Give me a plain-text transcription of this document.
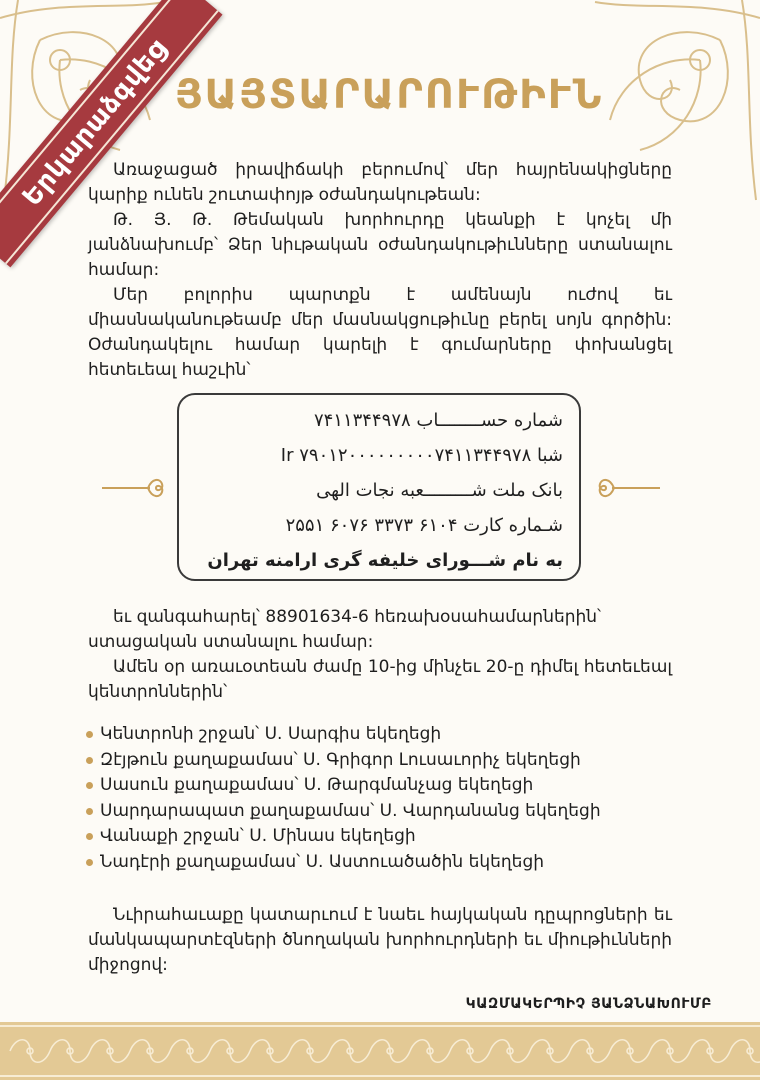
Երկարաձգվեց ՅԱՅՏԱՐԱՐՈՒԹԻՒՆ

Առաջացած իրավիճակի բերումով՝ մեր հայրենակիցները կարիք ունեն շուտափոյթ օժանդակութեան:

Թ. Յ. Թ. Թեմական խորհուրդը կեանքի է կոչել մի յանձնախումբ՝ Ձեր նիւթական օժանդակութիւնները ստանալու համար:

Մեր բոլորիս պարտքն է ամենայն ուժով եւ միասնականութեամբ մեր մասնակցութիւնը բերել սոյն գործին: Օժանդակելու համար կարելի է գումարները փոխանցել հետեւեալ հաշւին՝

شماره حســــــــاب ۷۴۱۱۳۴۴۹۷۸
شبا Ir ۷۹۰۱۲۰۰۰۰۰۰۰۰۰۷۴۱۱۳۴۴۹۷۸
بانک ملت شـــــــــعبه نجات الهی
شـماره کارت ۶۱۰۴ ۳۳۷۳ ۶۰۷۶ ۲۵۵۱
به نام شـــورای خلیفه گری ارامنه تهران

եւ զանգահարել՝ 88901634-6 հեռախօսահամարներին՝

ստացական ստանալու համար:

Ամեն օր առաւօտեան ժամը 10-ից մինչեւ 20-ը դիմել հետեւեալ կենտրոններին՝

Կենտրոնի շրջան՝ Ս. Սարգիս եկեղեցի
Զէյթուն քաղաքամաս՝ Ս. Գրիգոր Լուսաւորիչ եկեղեցի
Սասուն քաղաքամաս՝ Ս. Թարգմանչաց եկեղեցի
Սարդարապատ քաղաքամաս՝ Ս. Վարդանանց եկեղեցի
Վանաքի շրջան՝ Ս. Մինաս եկեղեցի
Նադէրի քաղաքամաս՝ Ս. Աստուածածին եկեղեցի

Նւիրահաւաքը կատարւում է նաեւ հայկական դըպրոցների եւ մանկապարտէզների ծնողական խորհուրդների եւ միութիւնների միջոցով:

ԿԱԶՄԱԿԵՐՊԻՉ ՅԱՆՁՆԱԽՈՒՄԲ
